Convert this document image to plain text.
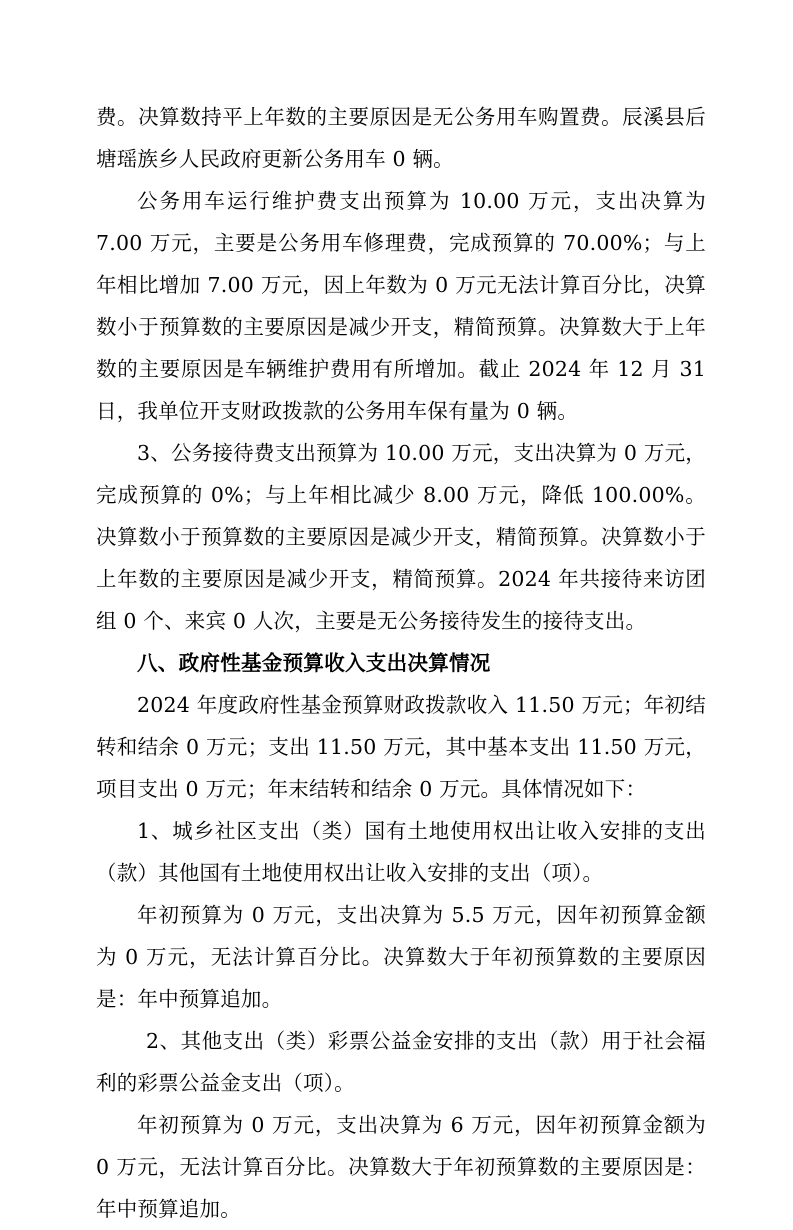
费。决算数持平上年数的主要原因是无公务用车购置费。辰溪县后塘瑶族乡人民政府更新公务用车 0 辆。

公务用车运行维护费支出预算为 10.00 万元，支出决算为 7.00 万元，主要是公务用车修理费，完成预算的 70.00%；与上年相比增加 7.00 万元，因上年数为 0 万元无法计算百分比，决算数小于预算数的主要原因是减少开支，精简预算。决算数大于上年数的主要原因是车辆维护费用有所增加。截止 2024 年 12 月 31 日，我单位开支财政拨款的公务用车保有量为 0 辆。

3、公务接待费支出预算为 10.00 万元，支出决算为 0 万元，完成预算的 0%；与上年相比减少 8.00 万元，降低 100.00%。决算数小于预算数的主要原因是减少开支，精简预算。决算数小于上年数的主要原因是减少开支，精简预算。2024 年共接待来访团组 0 个、来宾 0 人次，主要是无公务接待发生的接待支出。

八、政府性基金预算收入支出决算情况

2024 年度政府性基金预算财政拨款收入 11.50 万元；年初结转和结余 0 万元；支出 11.50 万元，其中基本支出 11.50 万元，项目支出 0 万元；年末结转和结余 0 万元。具体情况如下：

1、城乡社区支出（类）国有土地使用权出让收入安排的支出（款）其他国有土地使用权出让收入安排的支出（项）。

年初预算为 0 万元，支出决算为 5.5 万元，因年初预算金额为 0 万元，无法计算百分比。决算数大于年初预算数的主要原因是：年中预算追加。

2、其他支出（类）彩票公益金安排的支出（款）用于社会福利的彩票公益金支出（项）。

年初预算为 0 万元，支出决算为 6 万元，因年初预算金额为 0 万元，无法计算百分比。决算数大于年初预算数的主要原因是：年中预算追加。
